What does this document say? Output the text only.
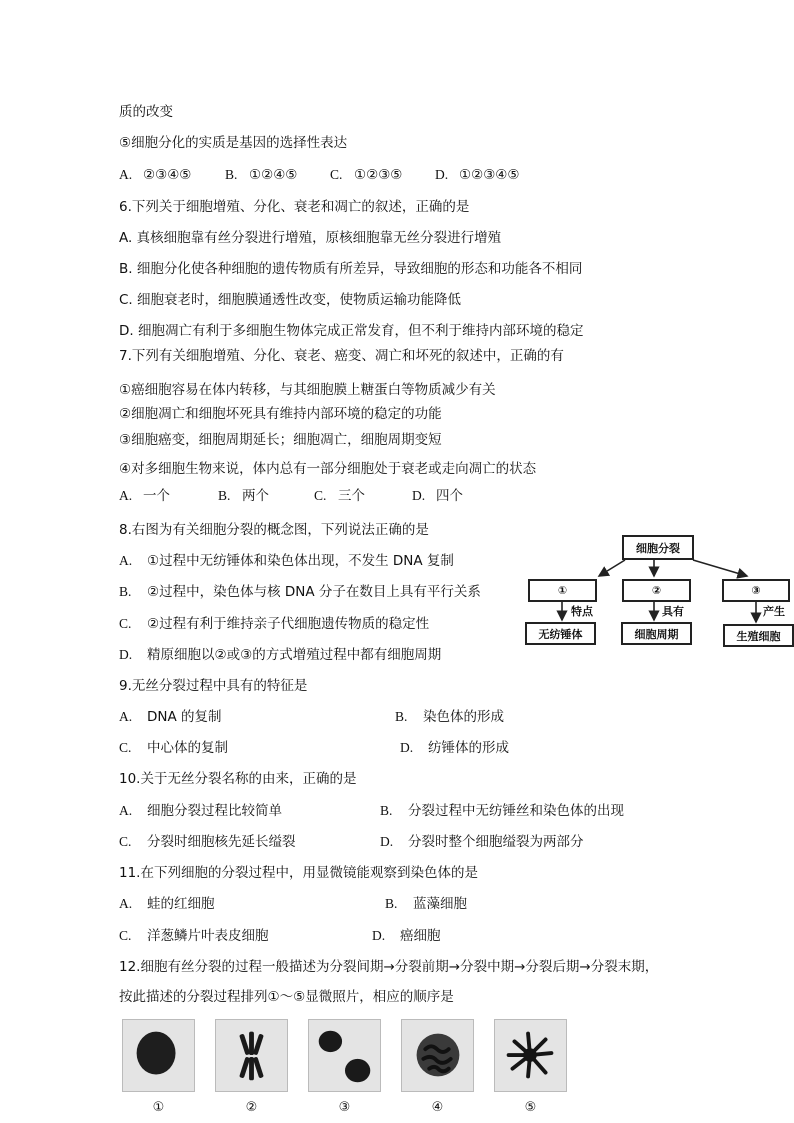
质的改变
⑤细胞分化的实质是基因的选择性表达
A. ②③④⑤ B. ①②④⑤ C. ①②③⑤ D. ①②③④⑤
6.下列关于细胞增殖、分化、衰老和凋亡的叙述，正确的是
A. 真核细胞靠有丝分裂进行增殖，原核细胞靠无丝分裂进行增殖
B. 细胞分化使各种细胞的遗传物质有所差异，导致细胞的形态和功能各不相同
C. 细胞衰老时，细胞膜通透性改变，使物质运输功能降低
D. 细胞凋亡有利于多细胞生物体完成正常发育，但不利于维持内部环境的稳定
7.下列有关细胞增殖、分化、衰老、癌变、凋亡和坏死的叙述中，正确的有
①癌细胞容易在体内转移，与其细胞膜上糖蛋白等物质减少有关
②细胞凋亡和细胞坏死具有维持内部环境的稳定的功能
③细胞癌变，细胞周期延长；细胞凋亡，细胞周期变短
④对多细胞生物来说，体内总有一部分细胞处于衰老或走向凋亡的状态
A. 一个	B. 两个	C. 三个	D. 四个
8.右图为有关细胞分裂的概念图，下列说法正确的是
A. ①过程中无纺锤体和染色体出现，不发生 DNA 复制
B. ②过程中，染色体与核 DNA 分子在数目上具有平行关系
C. ②过程有利于维持亲子代细胞遗传物质的稳定性
D. 精原细胞以②或③的方式增殖过程中都有细胞周期
细胞分裂
①	②	③
特点	具有	产生
无纺锤体	细胞周期	生殖细胞
9.无丝分裂过程中具有的特征是
A. DNA 的复制	B. 染色体的形成
C. 中心体的复制	D. 纺锤体的形成
10.关于无丝分裂名称的由来，正确的是
A. 细胞分裂过程比较简单	B. 分裂过程中无纺锤丝和染色体的出现
C. 分裂时细胞核先延长缢裂	D. 分裂时整个细胞缢裂为两部分
11.在下列细胞的分裂过程中，用显微镜能观察到染色体的是
A. 蛙的红细胞	B. 蓝藻细胞
C. 洋葱鳞片叶表皮细胞	D. 癌细胞
12.细胞有丝分裂的过程一般描述为分裂间期→分裂前期→分裂中期→分裂后期→分裂末期，
按此描述的分裂过程排列①～⑤显微照片，相应的顺序是
①	②	③	④	⑤
